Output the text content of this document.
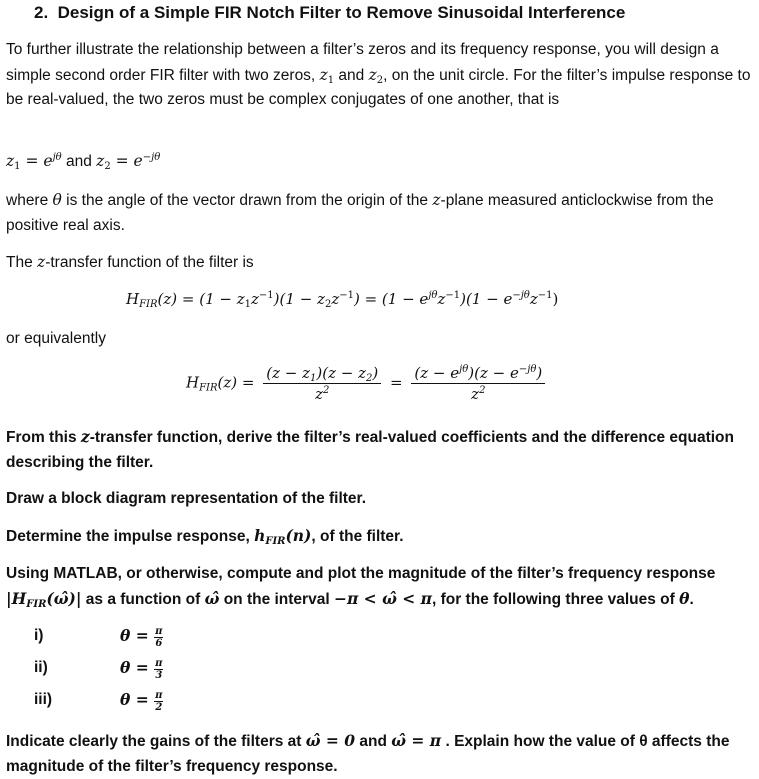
2.  Design of a Simple FIR Notch Filter to Remove Sinusoidal Interference
To further illustrate the relationship between a filter’s zeros and its frequency response, you will design a simple second order FIR filter with two zeros, $z_1$ and $z_2$, on the unit circle. For the filter’s impulse response to be real-valued, the two zeros must be complex conjugates of one another, that is
$z_1 = e^{j\theta}$ and $z_2 = e^{-j\theta}$
where θ is the angle of the vector drawn from the origin of the z-plane measured anticlockwise from the positive real axis.
The z-transfer function of the filter is
$H_{FIR}(z) = (1 - z_1z^{-1})(1 - z_2z^{-1}) = (1 - e^{j\theta}z^{-1})(1 - e^{-j\theta}z^{-1})$
or equivalently
$H_{FIR}(z) = \frac{(z - z_1)(z - z_2)}{z^2} = \frac{(z - e^{j\theta})(z - e^{-j\theta})}{z^2}$
From this z-transfer function, derive the filter’s real-valued coefficients and the difference equation describing the filter.
Draw a block diagram representation of the filter.
Determine the impulse response, $h_{FIR}(n)$, of the filter.
Using MATLAB, or otherwise, compute and plot the magnitude of the filter’s frequency response $|H_{FIR}(\omegâ)|$ as a function of ω̂ on the interval −π < ω̂ < π, for the following three values of θ.
i)	$\theta = \frac{\pi}{6}$
ii)	$\theta = \frac{\pi}{3}$
iii)	$\theta = \frac{\pi}{2}$
Indicate clearly the gains of the filters at ω̂ = 0 and ω̂ = π . Explain how the value of θ affects the magnitude of the filter’s frequency response.
